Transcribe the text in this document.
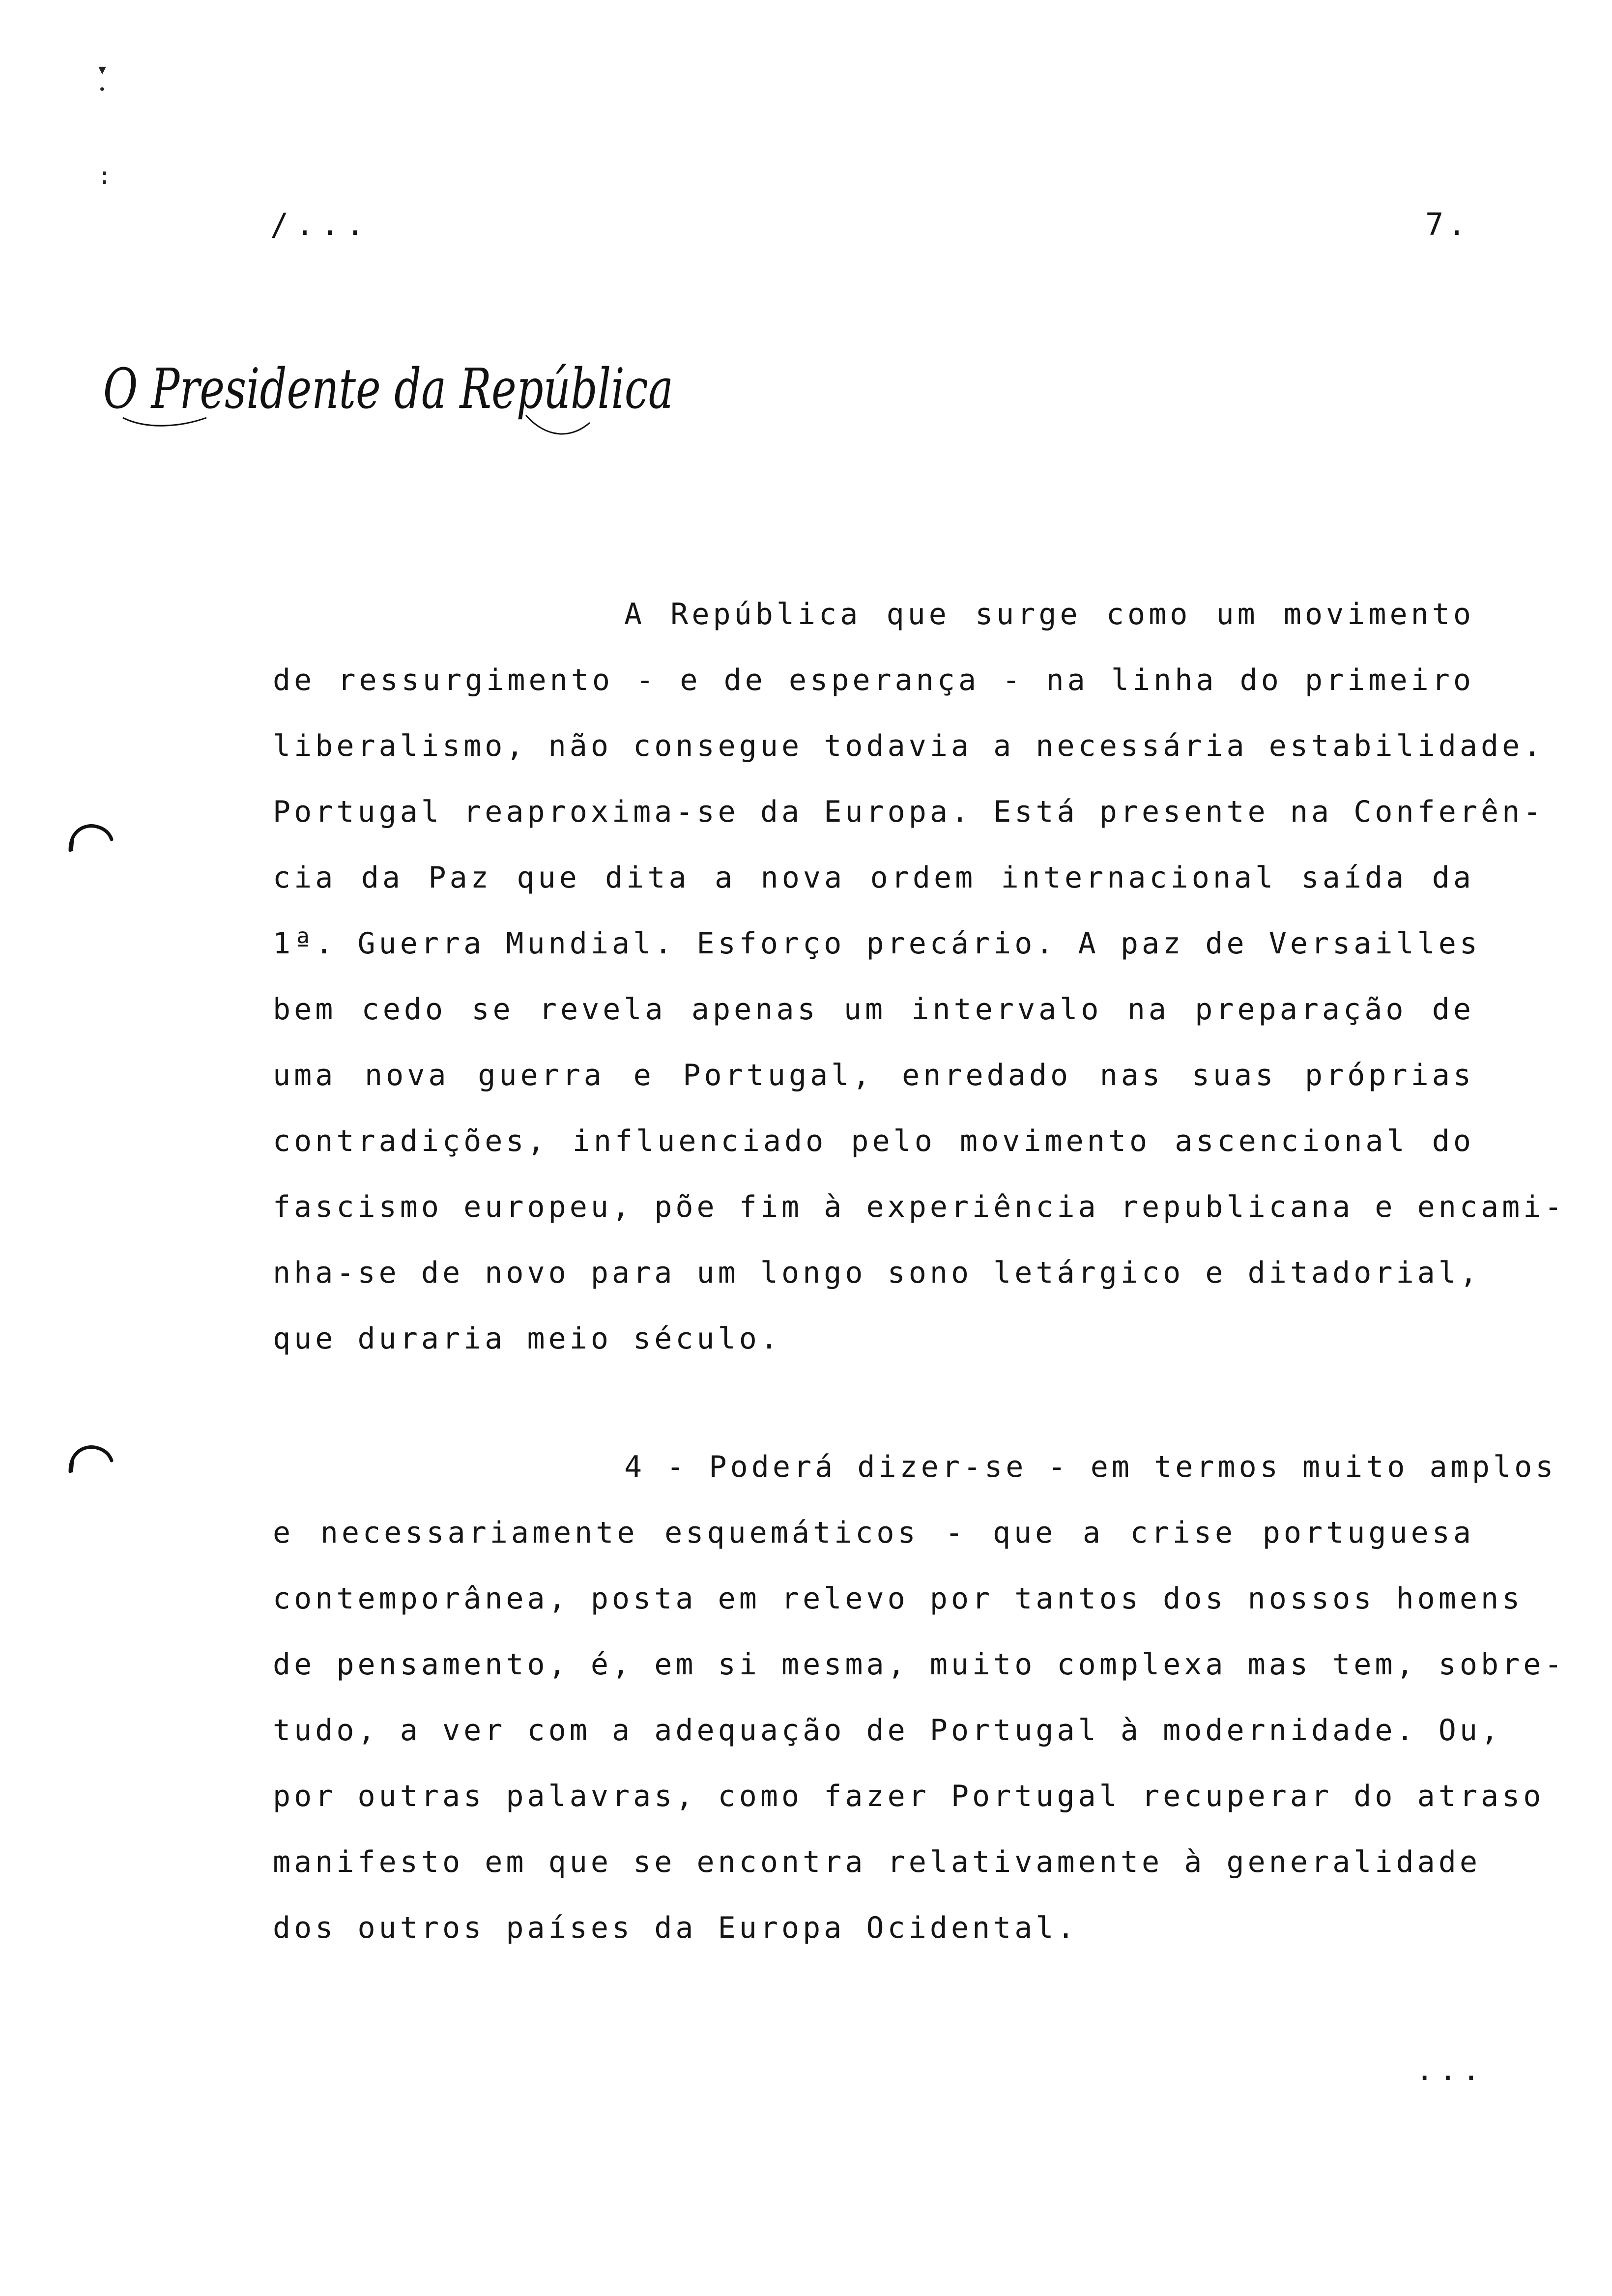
▾
•
:
/...	7.
O Presidente da República
A República que surge como um movimento
de ressurgimento - e de esperança - na linha do primeiro
liberalismo, não consegue todavia a necessária estabilidade.
Portugal reaproxima-se da Europa. Está presente na Conferên-
cia da Paz que dita a nova ordem internacional saída da
1ª. Guerra Mundial. Esforço precário. A paz de Versailles
bem cedo se revela apenas um intervalo na preparação de
uma nova guerra e Portugal, enredado nas suas próprias
contradições, influenciado pelo movimento ascencional do
fascismo europeu, põe fim à experiência republicana e encami-
nha-se de novo para um longo sono letárgico e ditadorial,
que duraria meio século.
4 - Poderá dizer-se - em termos muito amplos
e necessariamente esquemáticos - que a crise portuguesa
contemporânea, posta em relevo por tantos dos nossos homens
de pensamento, é, em si mesma, muito complexa mas tem, sobre-
tudo, a ver com a adequação de Portugal à modernidade. Ou,
por outras palavras, como fazer Portugal recuperar do atraso
manifesto em que se encontra relativamente à generalidade
dos outros países da Europa Ocidental.
...
